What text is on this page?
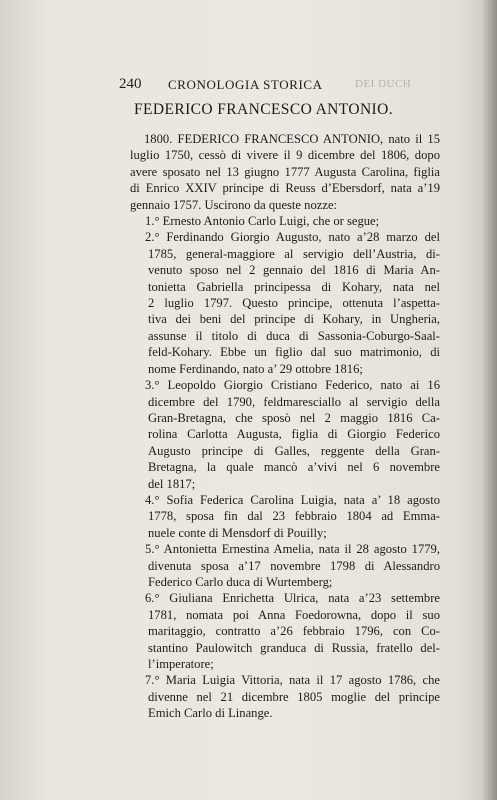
240 CRONOLOGIA STORICA	DEI DUCH
FEDERICO FRANCESCO ANTONIO.
1800. FEDERICO FRANCESCO ANTONIO, nato il 15
luglio 1750, cessò di vivere il 9 dicembre del 1806, dopo
avere sposato nel 13 giugno 1777 Augusta Carolina, figlia
di Enrico XXIV principe di Reuss d’Ebersdorf, nata a’19
gennaio 1757. Uscirono da queste nozze:
1.° Ernesto Antonio Carlo Luigi, che or segue;
2.° Ferdinando Giorgio Augusto, nato a’28 marzo del
1785, general-maggiore al servigio dell’Austria, di-
venuto sposo nel 2 gennaio del 1816 di Maria An-
tonietta Gabriella principessa di Kohary, nata nel
2 luglio 1797. Questo principe, ottenuta l’aspetta-
tiva dei beni del principe di Kohary, in Ungheria,
assunse il titolo di duca di Sassonia-Coburgo-Saal-
feld-Kohary. Ebbe un figlio dal suo matrimonio, di
nome Ferdinando, nato a’ 29 ottobre 1816;
3.° Leopoldo Giorgio Cristiano Federico, nato ai 16
dicembre del 1790, feldmaresciallo al servigio della
Gran-Bretagna, che sposò nel 2 maggio 1816 Ca-
rolina Carlotta Augusta, figlia di Giorgio Federico
Augusto principe di Galles, reggente della Gran-
Bretagna, la quale mancò a’vivi nel 6 novembre
del 1817;
4.° Sofia Federica Carolina Luigia, nata a’ 18 agosto
1778, sposa fin dal 23 febbraio 1804 ad Emma-
nuele conte di Mensdorf di Pouilly;
5.° Antonietta Ernestina Amelia, nata il 28 agosto 1779,
divenuta sposa a’17 novembre 1798 di Alessandro
Federico Carlo duca di Wurtemberg;
6.° Giuliana Enrichetta Ulrica, nata a’23 settembre
1781, nomata poi Anna Foedorowna, dopo il suo
maritaggio, contratto a’26 febbraio 1796, con Co-
stantino Paulowitch granduca di Russia, fratello del-
l’imperatore;
7.° Maria Luigia Vittoria, nata il 17 agosto 1786, che
divenne nel 21 dicembre 1805 moglie del principe
Emich Carlo di Linange.
